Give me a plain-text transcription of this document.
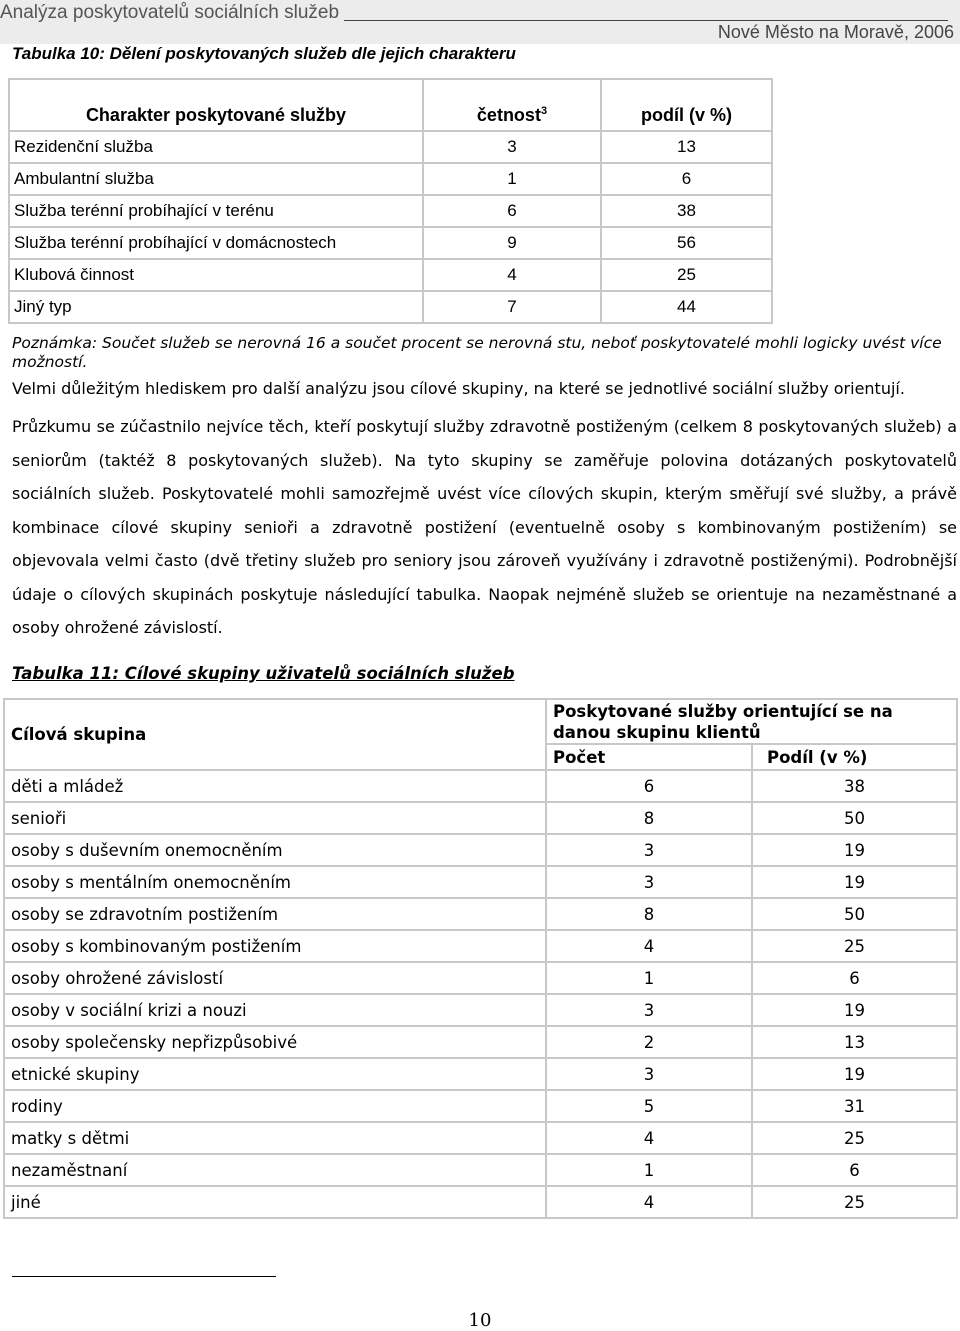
Analýza poskytovatelů sociálních služeb
Nové Město na Moravě, 2006
Tabulka 10: Dělení poskytovaných služeb dle jejich charakteru
Charakter poskytované služby	četnost$^3$	podíl (v %)
Rezidenční služba	3	13
Ambulantní služba	1	6
Služba terénní probíhající v terénu	6	38
Služba terénní probíhající v domácnostech	9	56
Klubová činnost	4	25
Jiný typ	7	44
Poznámka: Součet služeb se nerovná 16 a součet procent se nerovná stu, neboť poskytovatelé mohli logicky uvést více možností.
Velmi důležitým hlediskem pro další analýzu jsou cílové skupiny, na které se jednotlivé sociální služby orientují.
Průzkumu se zúčastnilo nejvíce těch, kteří poskytují služby zdravotně postiženým (celkem 8 poskytovaných služeb) a seniorům (taktéž 8 poskytovaných služeb). Na tyto skupiny se zaměřuje polovina dotázaných poskytovatelů sociálních služeb. Poskytovatelé mohli samozřejmě uvést více cílových skupin, kterým směřují své služby, a právě kombinace cílové skupiny senioři a zdravotně postižení (eventuelně osoby s kombinovaným postižením) se objevovala velmi často (dvě třetiny služeb pro seniory jsou zároveň využívány i zdravotně postiženými). Podrobnější údaje o cílových skupinách poskytuje následující tabulka. Naopak nejméně služeb se orientuje na nezaměstnané a osoby ohrožené závislostí.
Tabulka 11: Cílové skupiny uživatelů sociálních služeb
Cílová skupina	Poskytované služby orientující se na danou skupinu klientů	
	Počet	Podíl (v %)
děti a mládež	6	38
senioři	8	50
osoby s duševním onemocněním	3	19
osoby s mentálním onemocněním	3	19
osoby se zdravotním postižením	8	50
osoby s kombinovaným postižením	4	25
osoby ohrožené závislostí	1	6
osoby v sociální krizi a nouzi	3	19
osoby společensky nepřizpůsobivé	2	13
etnické skupiny	3	19
rodiny	5	31
matky s dětmi	4	25
nezaměstnaní	1	6
jiné	4	25
10
